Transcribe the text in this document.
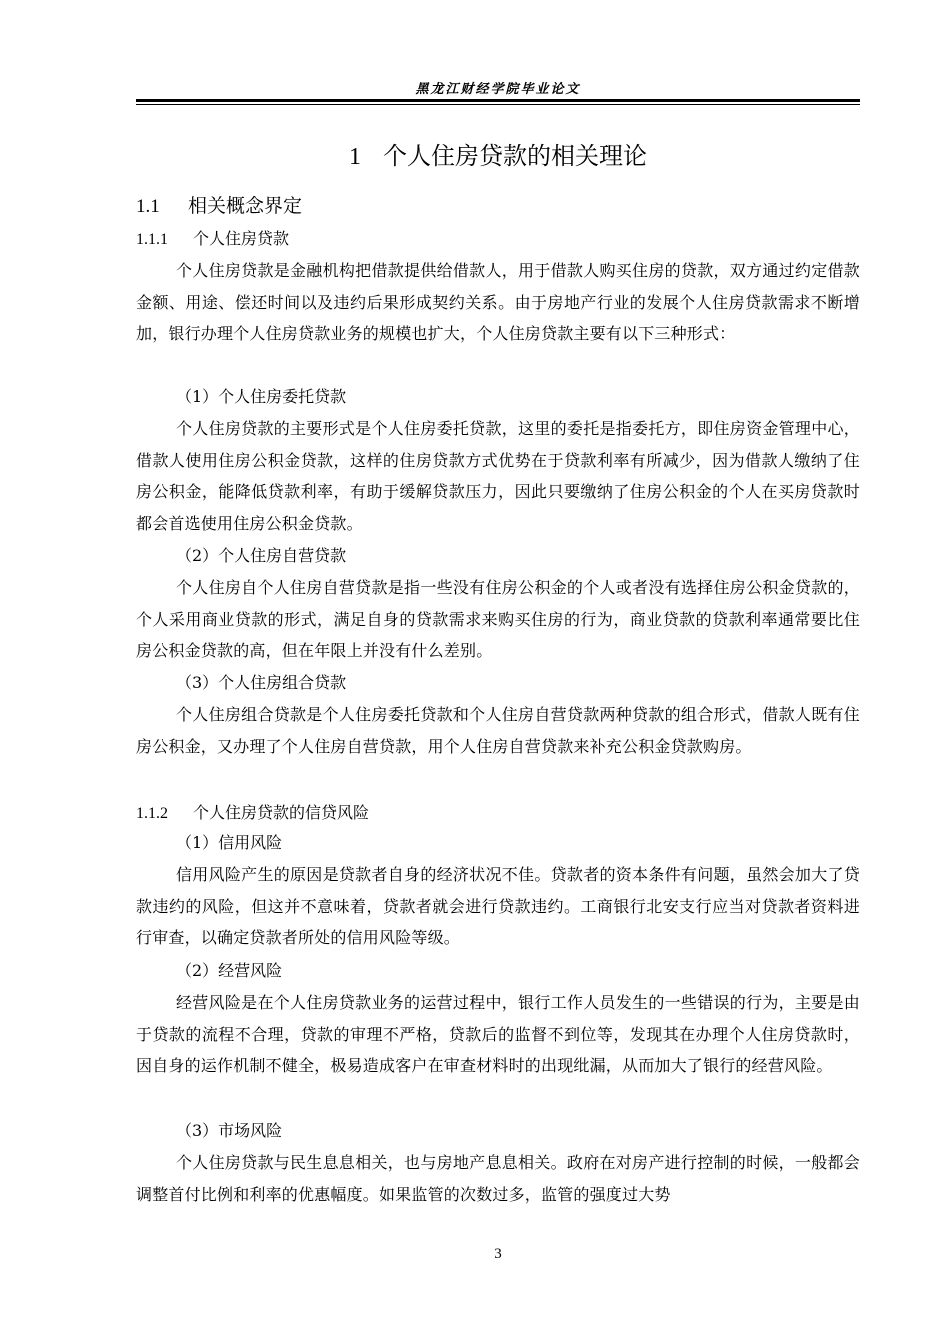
黑龙江财经学院毕业论文
1 个人住房贷款的相关理论
1.1 相关概念界定
1.1.1 个人住房贷款

个人住房贷款是金融机构把借款提供给借款人，用于借款人购买住房的贷款，双方通过约定借款金额、用途、偿还时间以及违约后果形成契约关系。由于房地产行业的发展个人住房贷款需求不断增加，银行办理个人住房贷款业务的规模也扩大，个人住房贷款主要有以下三种形式：

（1）个人住房委托贷款

个人住房贷款的主要形式是个人住房委托贷款，这里的委托是指委托方，即住房资金管理中心，借款人使用住房公积金贷款，这样的住房贷款方式优势在于贷款利率有所减少，因为借款人缴纳了住房公积金，能降低贷款利率，有助于缓解贷款压力，因此只要缴纳了住房公积金的个人在买房贷款时都会首选使用住房公积金贷款。

（2）个人住房自营贷款

个人住房自个人住房自营贷款是指一些没有住房公积金的个人或者没有选择住房公积金贷款的，个人采用商业贷款的形式，满足自身的贷款需求来购买住房的行为，商业贷款的贷款利率通常要比住房公积金贷款的高，但在年限上并没有什么差别。

（3）个人住房组合贷款

个人住房组合贷款是个人住房委托贷款和个人住房自营贷款两种贷款的组合形式，借款人既有住房公积金，又办理了个人住房自营贷款，用个人住房自营贷款来补充公积金贷款购房。

1.1.2 个人住房贷款的信贷风险

（1）信用风险

信用风险产生的原因是贷款者自身的经济状况不佳。贷款者的资本条件有问题，虽然会加大了贷款违约的风险，但这并不意味着，贷款者就会进行贷款违约。工商银行北安支行应当对贷款者资料进行审查，以确定贷款者所处的信用风险等级。

（2）经营风险

经营风险是在个人住房贷款业务的运营过程中，银行工作人员发生的一些错误的行为，主要是由于贷款的流程不合理，贷款的审理不严格，贷款后的监督不到位等，发现其在办理个人住房贷款时，因自身的运作机制不健全，极易造成客户在审查材料时的出现纰漏，从而加大了银行的经营风险。

（3）市场风险

个人住房贷款与民生息息相关，也与房地产息息相关。政府在对房产进行控制的时候，一般都会调整首付比例和利率的优惠幅度。如果监管的次数过多，监管的强度过大势

3
